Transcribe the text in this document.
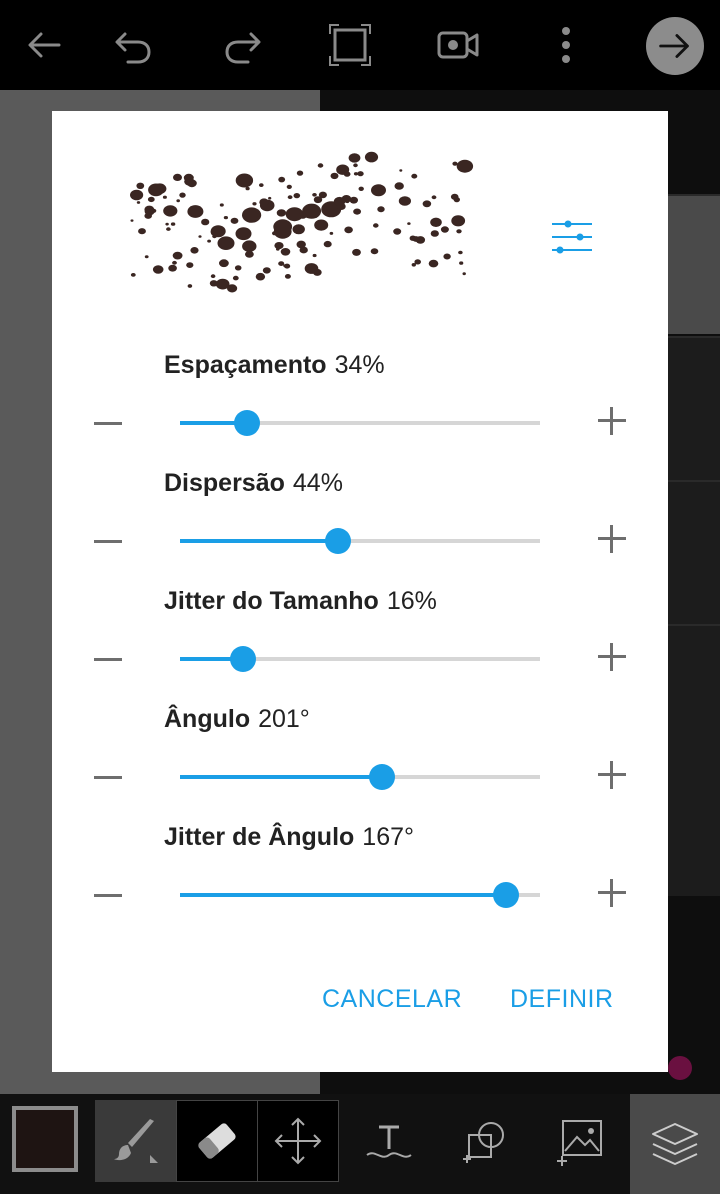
Espaçamento 34%
Dispersão 44%
Jitter do Tamanho 16%
Ângulo 201°
Jitter de Ângulo 167°
CANCELAR DEFINIR
